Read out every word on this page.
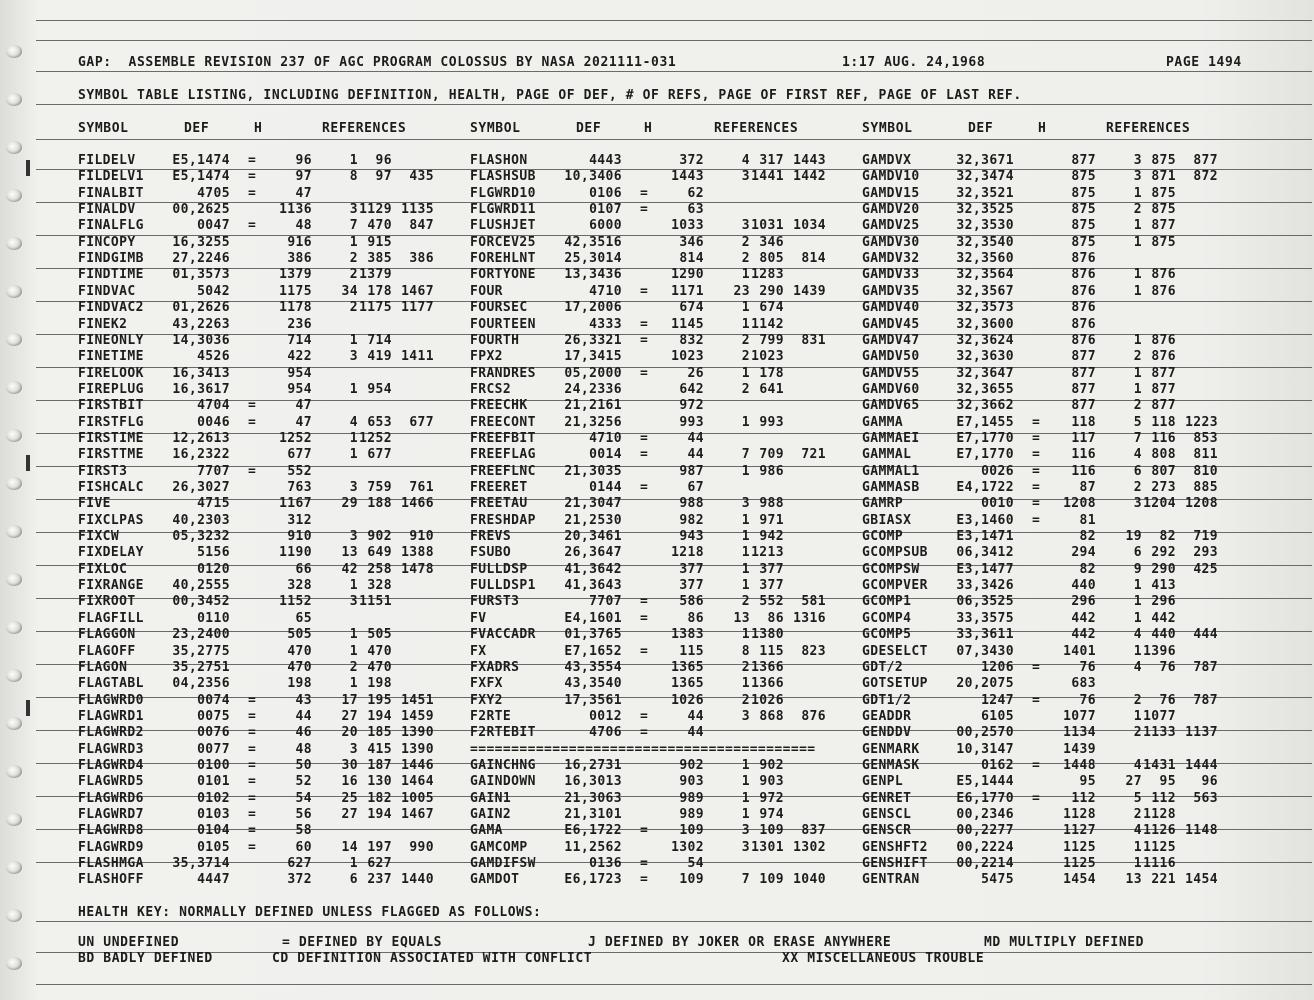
GAP:  ASSEMBLE REVISION 237 OF AGC PROGRAM COLOSSUS BY NASA 2021111-031	1:17 AUG. 24,1968	PAGE 1494
SYMBOL TABLE LISTING, INCLUDING DEFINITION, HEALTH, PAGE OF DEF, # OF REFS, PAGE OF FIRST REF, PAGE OF LAST REF.
SYMBOL	DEF	H	REFERENCES	SYMBOL	DEF	H	REFERENCES	SYMBOL	DEF	H	REFERENCES
FILDELV	E5,1474 =	96	1	96	FLASHON	4443	372	4 317 1443	GAMDVX	32,3671	877	3 875	877
FILDELV1 E5,1474 =	97	8	97	435	FLASHSUB 10,3406	1443	3 1441 1442	GAMDV10	32,3474	875	3 871	872
FINALBIT	4705 =	47	FLGWRD10	0106 =	62	GAMDV15	32,3521	875	1 875
FINALDV	00,2625	1136	3 1129 1135	FLGWRD11	0107 =	63	GAMDV20	32,3525	875	2 875
FINALFLG	0047 =	48	7 470	847	FLUSHJET	6000	1033	3 1031 1034	GAMDV25	32,3530	875	1 877
FINCOPY	16,3255	916	1 915	FORCEV25 42,3516	346	2 346	GAMDV30	32,3540	875	1 875
FINDGIMB 27,2246	386	2 385	386	FOREHLNT 25,3014	814	2 805	814	GAMDV32	32,3560	876
FINDTIME 01,3573	1379	2 1379	FORTYONE 13,3436	1290	1 1283	GAMDV33	32,3564	876	1 876
FINDVAC	5042	1175	34 178 1467	FOUR	4710 =	1171	23 290 1439	GAMDV35	32,3567	876	1 876
FINDVAC2 01,2626	1178	2 1175 1177	FOURSEC	17,2006	674	1 674	GAMDV40	32,3573	876
FINEK2	43,2263	236	FOURTEEN	4333 =	1145	1 1142	GAMDV45	32,3600	876
FINEONLY 14,3036	714	1 714	FOURTH	26,3321 =	832	2 799	831	GAMDV47	32,3624	876	1 876
FINETIME	4526	422	3 419 1411	FPX2	17,3415	1023	2 1023	GAMDV50	32,3630	877	2 876
FIRELOOK 16,3413	954	FRANDRES 05,2000 =	26	1 178	GAMDV55	32,3647	877	1 877
FIREPLUG 16,3617	954	1 954	FRCS2	24,2336	642	2 641	GAMDV60	32,3655	877	1 877
FIRSTBIT	4704 =	47	FREECHK	21,2161	972	GAMDV65	32,3662	877	2 877
FIRSTFLG	0046 =	47	4 653	677	FREECONT 21,3256	993	1 993	GAMMA	E7,1455 =	118	5 118 1223
FIRSTIME 12,2613	1252	1 1252	FREEFBIT	4710 =	44	GAMMAEI	E7,1770 =	117	7 116	853
FIRSTTME 16,2322	677	1 677	FREEFLAG	0014 =	44	7 709	721	GAMMAL	E7,1770 =	116	4 808	811
FIRST3	7707 =	552	FREEFLNC 21,3035	987	1 986	GAMMAL1	0026 =	116	6 807	810
FISHCALC 26,3027	763	3 759	761	FREERET	0144 =	67	GAMMASB	E4,1722 =	87	2 273	885
FIVE	4715	1167	29 188 1466	FREETAU	21,3047	988	3 988	GAMRP	0010 =	1208	3 1204 1208
FIXCLPAS 40,2303	312	FRESHDAP 21,2530	982	1 971	GBIASX	E3,1460 =	81
FIXCW	05,3232	910	3 902	910	FREVS	20,3461	943	1 942	GCOMP	E3,1471	82	19	82	719
FIXDELAY	5156	1190	13 649 1388	FSUBO	26,3647	1218	1 1213	GCOMPSUB 06,3412	294	6 292	293
FIXLOC	0120	66	42 258 1478	FULLDSP	41,3642	377	1 377	GCOMPSW	E3,1477	82	9 290	425
FIXRANGE 40,2555	328	1 328	FULLDSP1 41,3643	377	1 377	GCOMPVER 33,3426	440	1 413
FIXROOT	00,3452	1152	3 1151	FURST3	7707 =	586	2 552	581	GCOMP1	06,3525	296	1 296
FLAGFILL	0110	65	FV	E4,1601 =	86	13	86 1316	GCOMP4	33,3575	442	1 442
FLAGGON	23,2400	505	1 505	FVACCADR 01,3765	1383	1 1380	GCOMP5	33,3611	442	4 440	444
FLAGOFF	35,2775	470	1 470	FX	E7,1652 =	115	8 115	823	GDESELCT 07,3430	1401	1 1396
FLAGON	35,2751	470	2 470	FXADRS	43,3554	1365	2 1366	GDT/2	1206 =	76	4	76	787
FLAGTABL 04,2356	198	1 198	FXFX	43,3540	1365	1 1366	GOTSETUP 20,2075	683
FLAGWRD0	0074 =	43	17 195 1451	FXY2	17,3561	1026	2 1026	GDT1/2	1247 =	76	2	76	787
FLAGWRD1	0075 =	44	27 194 1459	F2RTE	0012 =	44	3 868	876	GEADDR	6105	1077	1 1077
FLAGWRD2	0076 =	46	20 185 1390	F2RTEBIT	4706 =	44	GENDDV	00,2570	1134	2 1133 1137
FLAGWRD3	0077 =	48	3 415 1390	==========================================	GENMARK	10,3147	1439
FLAGWRD4	0100 =	50	30 187 1446	GAINCHNG 16,2731	902	1 902	GENMASK	0162 =	1448	4 1431 1444
FLAGWRD5	0101 =	52	16 130 1464	GAINDOWN 16,3013	903	1 903	GENPL	E5,1444	95	27	95	96
FLAGWRD6	0102 =	54	25 182 1005	GAIN1	21,3063	989	1 972	GENRET	E6,1770 =	112	5 112	563
FLAGWRD7	0103 =	56	27 194 1467	GAIN2	21,3101	989	1 974	GENSCL	00,2346	1128	2 1128
FLAGWRD8	0104 =	58	GAMA	E6,1722 =	109	3 109	837	GENSCR	00,2277	1127	4 1126 1148
FLAGWRD9	0105 =	60	14 197	990	GAMCOMP	11,2562	1302	3 1301 1302	GENSHFT2 00,2224	1125	1 1125
FLASHMGA 35,3714	627	1 627	GAMDIFSW	0136 =	54	GENSHIFT 00,2214	1125	1 1116
FLASHOFF	4447	372	6 237 1440	GAMDOT	E6,1723 =	109	7 109 1040	GENTRAN	5475	1454	13 221 1454
HEALTH KEY: NORMALLY DEFINED UNLESS FLAGGED AS FOLLOWS:
UN UNDEFINED	= DEFINED BY EQUALS	J DEFINED BY JOKER OR ERASE ANYWHERE	MD MULTIPLY DEFINED
BD BADLY DEFINED	CD DEFINITION ASSOCIATED WITH CONFLICT	XX MISCELLANEOUS TROUBLE
